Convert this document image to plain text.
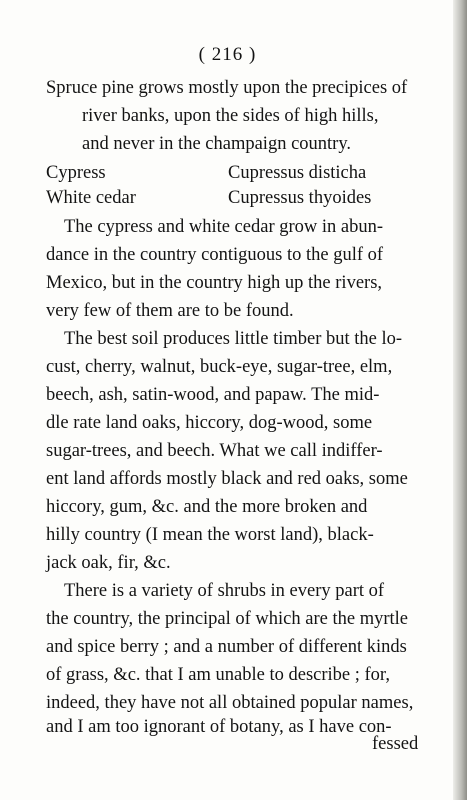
( 216 )
Spruce pine grows mostly upon the precipices of
river banks, upon the sides of high hills,
and never in the champaign country.
Cypress	Cupressus disticha
White cedar	Cupressus thyoides
The cypress and white cedar grow in abun-
dance in the country contiguous to the gulf of
Mexico, but in the country high up the rivers,
very few of them are to be found.
The best soil produces little timber but the lo-
cust, cherry, walnut, buck-eye, sugar-tree, elm,
beech, ash, satin-wood, and papaw. The mid-
dle rate land oaks, hiccory, dog-wood, some
sugar-trees, and beech. What we call indiffer-
ent land affords mostly black and red oaks, some
hiccory, gum, &c. and the more broken and
hilly country (I mean the worst land), black-
jack oak, fir, &c.
There is a variety of shrubs in every part of
the country, the principal of which are the myrtle
and spice berry ; and a number of different kinds
of grass, &c. that I am unable to describe ; for,
indeed, they have not all obtained popular names,
and I am too ignorant of botany, as I have con-
fessed
